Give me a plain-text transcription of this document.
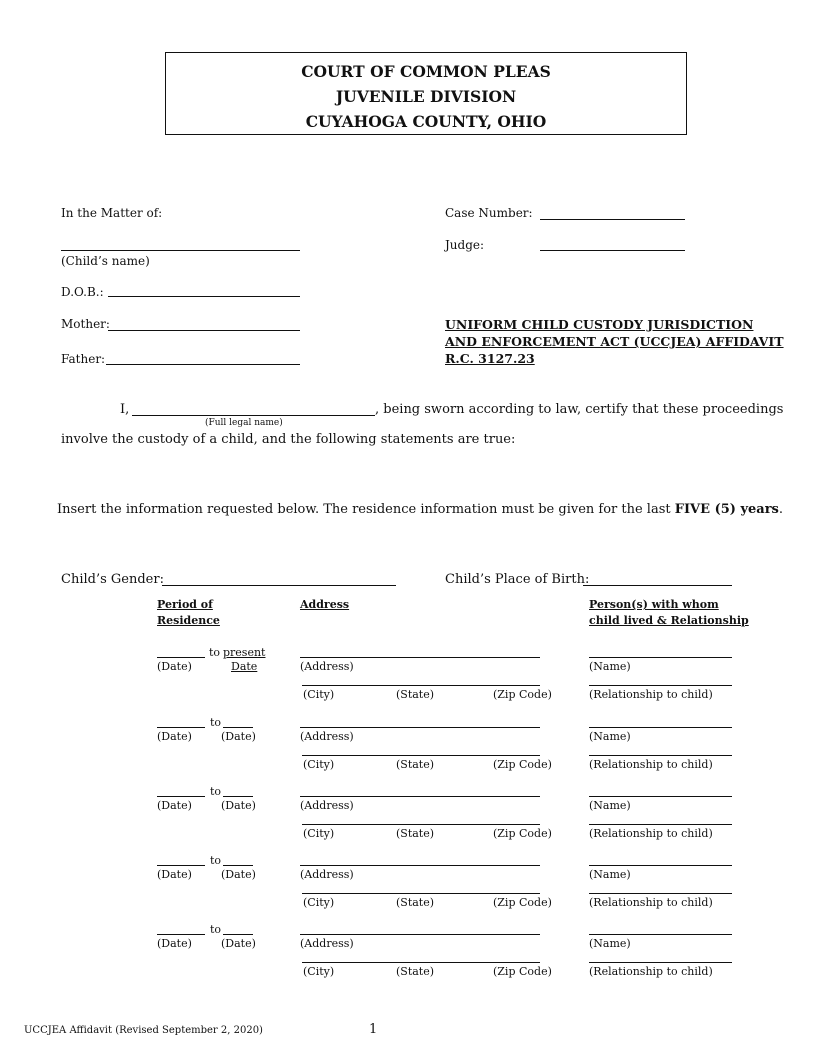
COURT OF COMMON PLEAS
JUVENILE DIVISION
CUYAHOGA COUNTY, OHIO
In the Matter of:
(Child’s name)
D.O.B.:
Mother:
Father:
Case Number:
Judge:
UNIFORM CHILD CUSTODY JURISDICTION
AND ENFORCEMENT ACT (UCCJEA) AFFIDAVIT
R.C. 3127.23
I,	, being sworn according to law, certify that these proceedings
(Full legal name)
involve the custody of a child, and the following statements are true:
Insert the information requested below. The residence information must be given for the last FIVE (5) years.
Child’s Gender:	Child’s Place of Birth:
Period of
Residence
Address	Person(s) with whom
child lived & Relationship
to present
(Date)	Date	(Address)	(Name)
(City)	(State)	(Zip Code)	(Relationship to child)
to
(Date)	(Date)	(Address)	(Name)
(City)	(State)	(Zip Code)	(Relationship to child)
to
(Date)	(Date)	(Address)	(Name)
(City)	(State)	(Zip Code)	(Relationship to child)
to
(Date)	(Date)	(Address)	(Name)
(City)	(State)	(Zip Code)	(Relationship to child)
to
(Date)	(Date)	(Address)	(Name)
(City)	(State)	(Zip Code)	(Relationship to child)
UCCJEA Affidavit (Revised September 2, 2020)	1
